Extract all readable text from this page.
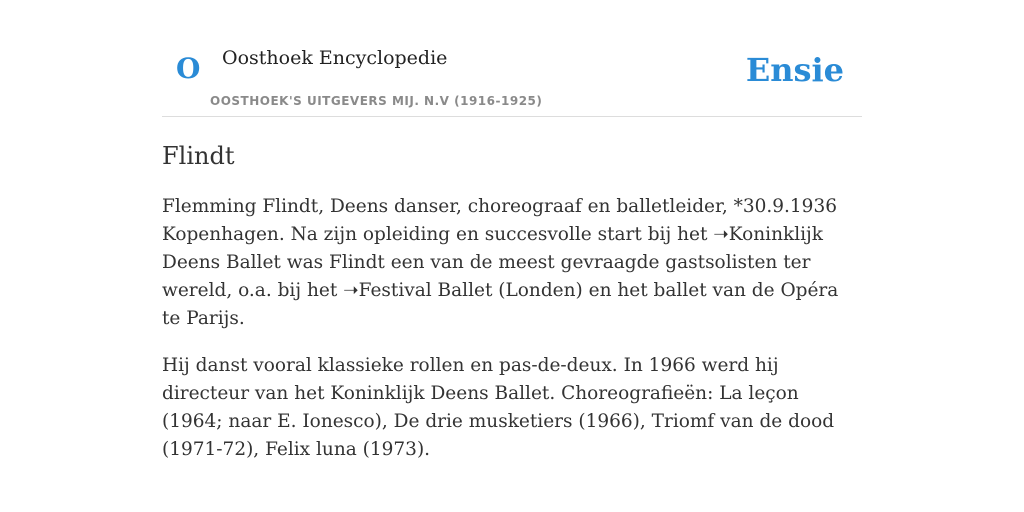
O Oosthoek Encyclopedie
OOSTHOEK'S UITGEVERS MIJ. N.V (1916-1925)
Ensie
Flindt

Flemming Flindt, Deens danser, choreograaf en balletleider, *30.9.1936 Kopenhagen. Na zijn opleiding en succesvolle start bij het ➝Koninklijk Deens Ballet was Flindt een van de meest gevraagde gastsolisten ter wereld, o.a. bij het ➝Festival Ballet (Londen) en het ballet van de Opéra te Parijs.

Hij danst vooral klassieke rollen en pas-de-deux. In 1966 werd hij directeur van het Koninklijk Deens Ballet. Choreografieën: La leçon (1964; naar E. Ionesco), De drie musketiers (1966), Triomf van de dood (1971-72), Felix luna (1973).
